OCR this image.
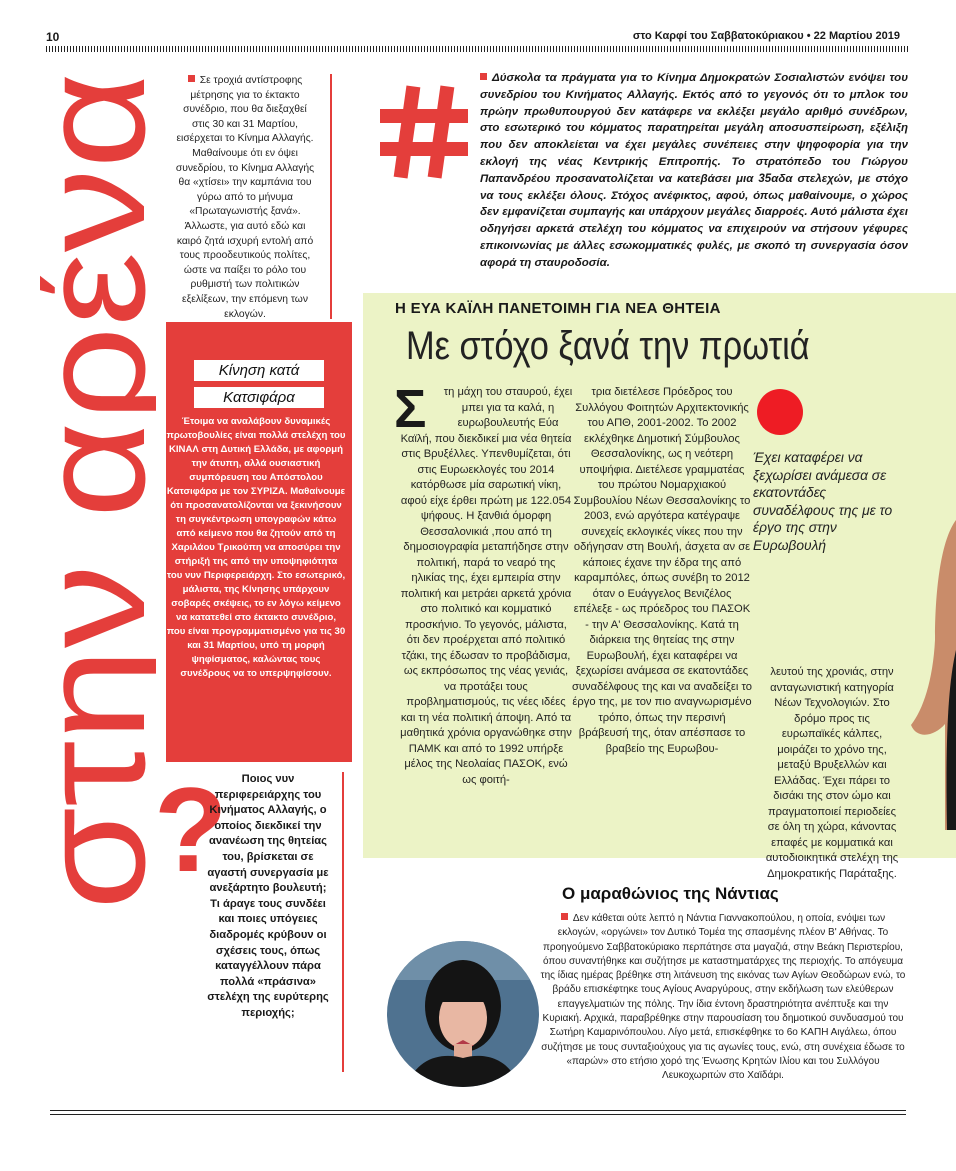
10	στο Καρφί του Σαββατοκύριακου • 22 Μαρτίου 2019
στην αρένα

Σε τροχιά αντίστροφης μέτρησης για το έκτακτο συνέδριο, που θα διεξαχθεί στις 30 και 31 Μαρτίου, εισέρχεται το Κίνημα Αλλαγής.

Μαθαίνουμε ότι εν όψει συνεδρίου, το Κίνημα Αλλαγής θα «χτίσει» την καμπάνια του γύρω από το μήνυμα «Πρωταγωνιστής ξανά». Άλλωστε, για αυτό εδώ και καιρό ζητά ισχυρή εντολή από τους προοδευτικούς πολίτες, ώστε να παίξει το ρόλο του ρυθμιστή των πολιτικών εξελίξεων, την επόμενη των εκλογών.

Κίνηση κατά
Κατσιφάρα
Έτοιμα να αναλάβουν δυναμικές πρωτοβουλίες είναι πολλά στελέχη του ΚΙΝΑΛ στη Δυτική Ελλάδα, με αφορμή την άτυπη, αλλά ουσιαστική συμπόρευση του Απόστολου Κατσιφάρα με τον ΣΥΡΙΖΑ. Μαθαίνουμε ότι προσανατολίζονται να ξεκινήσουν τη συγκέντρωση υπογραφών κάτω από κείμενο που θα ζητούν από τη Χαριλάου Τρικούπη να αποσύρει την στήριξή της από την υποψηφιότητα του νυν Περιφερειάρχη. Στο εσωτερικό, μάλιστα, της Κίνησης υπάρχουν σοβαρές σκέψεις, το εν λόγω κείμενο να κατατεθεί στο έκτακτο συνέδριο, που είναι προγραμματισμένο για τις 30 και 31 Μαρτίου, υπό τη μορφή ψηφίσματος, καλώντας τους συνέδρους να το υπερψηφίσουν.
?	Ποιος νυν περιφερειάρχης του Κινήματος Αλλαγής, ο οποίος διεκδικεί την ανανέωση της θητείας του, βρίσκεται σε αγαστή συνεργασία με ανεξάρτητο βουλευτή; Τι άραγε τους συνδέει και ποιες υπόγειες διαδρομές κρύβουν οι σχέσεις τους, όπως καταγγέλλουν πάρα πολλά «πράσινα» στελέχη της ευρύτερης περιοχής;
Δύσκολα τα πράγματα για το Κίνημα Δημοκρατών Σοσιαλιστών ενόψει του συνεδρίου του Κινήματος Αλλαγής. Εκτός από το γεγονός ότι το μπλοκ του πρώην πρωθυπουργού δεν κατάφερε να εκλέξει μεγάλο αριθμό συνέδρων, στο εσωτερικό του κόμματος παρατηρείται μεγάλη αποσυσπείρωση, εξέλιξη που δεν αποκλείεται να έχει μεγάλες συνέπειες στην ψηφοφορία για την εκλογή της νέας Κεντρικής Επιτροπής. Το στρατόπεδο του Γιώργου Παπανδρέου προσανατολίζεται να κατεβάσει μια 35αδα στελεχών, με στόχο να τους εκλέξει όλους. Στόχος ανέφικτος, αφού, όπως μαθαίνουμε, ο χώρος δεν εμφανίζεται συμπαγής και υπάρχουν μεγάλες διαρροές. Αυτό μάλιστα έχει οδηγήσει αρκετά στελέχη του κόμματος να επιχειρούν να στήσουν γέφυρες επικοινωνίας με άλλες εσωκομματικές φυλές, με σκοπό τη συνεργασία όσον αφορά τη σταυροδοσία.
Η ΕΥΑ ΚΑΪΛΗ ΠΑΝΕΤΟΙΜΗ ΓΙΑ ΝΕΑ ΘΗΤΕΙΑ
Με στόχο ξανά την πρωτιά
Σ	τη μάχη του σταυρού, έχει μπει για τα καλά, η ευρωβουλευτής Εύα Καϊλή, που διεκδικεί μια νέα θητεία στις Βρυξέλλες. Υπενθυμίζεται, ότι στις Ευρωεκλογές του 2014 κατόρθωσε μία σαρωτική νίκη, αφού είχε έρθει πρώτη με 122.054 ψήφους. Η ξανθιά όμορφη Θεσσαλονικιά ,που από τη δημοσιογραφία μεταπήδησε στην πολιτική, παρά το νεαρό της ηλικίας της, έχει εμπειρία στην πολιτική και μετράει αρκετά χρόνια στο πολιτικό και κομματικό προσκήνιο. Το γεγονός, μάλιστα, ότι δεν προέρχεται από πολιτικό τζάκι, της έδωσαν το προβάδισμα, ως εκπρόσωπος της νέας γενιάς, να προτάξει τους προβληματισμούς, τις νέες ιδέες και τη νέα πολιτική άποψη. Από τα μαθητικά χρόνια οργανώθηκε στην ΠΑΜΚ και από το 1992 υπήρξε μέλος της Νεολαίας ΠΑΣΟΚ, ενώ ως φοιτή-
τρια διετέλεσε Πρόεδρος του Συλλόγου Φοιτητών Αρχιτεκτονικής του ΑΠΘ, 2001-2002. Το 2002 εκλέχθηκε Δημοτική Σύμβουλος Θεσσαλονίκης, ως η νεότερη υποψήφια. Διετέλεσε γραμματέας του πρώτου Νομαρχιακού Συμβουλίου Νέων Θεσσαλονίκης το 2003, ενώ αργότερα κατέγραψε συνεχείς εκλογικές νίκες που την οδήγησαν στη Βουλή, άσχετα αν σε κάποιες έχανε την έδρα της από καραμπόλες, όπως συνέβη το 2012 όταν ο Ευάγγελος Βενιζέλος επέλεξε - ως πρόεδρος του ΠΑΣΟΚ - την Α' Θεσσαλονίκης. Κατά τη διάρκεια της θητείας της στην Ευρωβουλή, έχει καταφέρει να ξεχωρίσει ανάμεσα σε εκατοντάδες συναδέλφους της και να αναδείξει το έργο της, με τον πιο αναγνωρισμένο τρόπο, όπως την περσινή βράβευσή της, όταν απέσπασε το βραβείο της Ευρωβου-
Έχει καταφέρει να ξεχωρίσει ανάμεσα σε εκατοντάδες συναδέλφους της με το έργο της στην Ευρωβουλή
λευτού της χρονιάς, στην ανταγωνιστική κατηγορία Νέων Τεχνολογιών. Στο δρόμο προς τις ευρωπαϊκές κάλπες, μοιράζει το χρόνο της, μεταξύ Βρυξελλών και Ελλάδας. Έχει πάρει το δισάκι της στον ώμο και πραγματοποιεί περιοδείες σε όλη τη χώρα, κάνοντας επαφές με κομματικά και αυτοδιοικητικά στελέχη της Δημοκρατικής Παράταξης.
Ο μαραθώνιος της Νάντιας
Δεν κάθεται ούτε λεπτό η Νάντια Γιαννακοπούλου, η οποία, ενόψει των εκλογών, «οργώνει» τον Δυτικό Τομέα της σπασμένης πλέον Β' Αθήνας. Το προηγούμενο Σαββατοκύριακο περπάτησε στα μαγαζιά, στην Βεάκη Περιστερίου, όπου συναντήθηκε και συζήτησε με καταστηματάρχες της περιοχής. Το απόγευμα της ίδιας ημέρας βρέθηκε στη λιτάνευση της εικόνας των Αγίων Θεοδώρων ενώ, το βράδυ επισκέφτηκε τους Αγίους Αναργύρους, στην εκδήλωση των ελεύθερων επαγγελματιών της πόλης. Την ίδια έντονη δραστηριότητα ανέπτυξε και την Κυριακή. Αρχικά, παραβρέθηκε στην παρουσίαση του δημοτικού συνδυασμού του Σωτήρη Καμαρινόπουλου. Λίγο μετά, επισκέφθηκε το 6ο ΚΑΠΗ Αιγάλεω, όπου συζήτησε με τους συνταξιούχους για τις αγωνίες τους, ενώ, στη συνέχεια έδωσε το «παρών» στο ετήσιο χορό της Ένωσης Κρητών Ιλίου και του Συλλόγου Λευκοχωριτών στο Χαϊδάρι.
